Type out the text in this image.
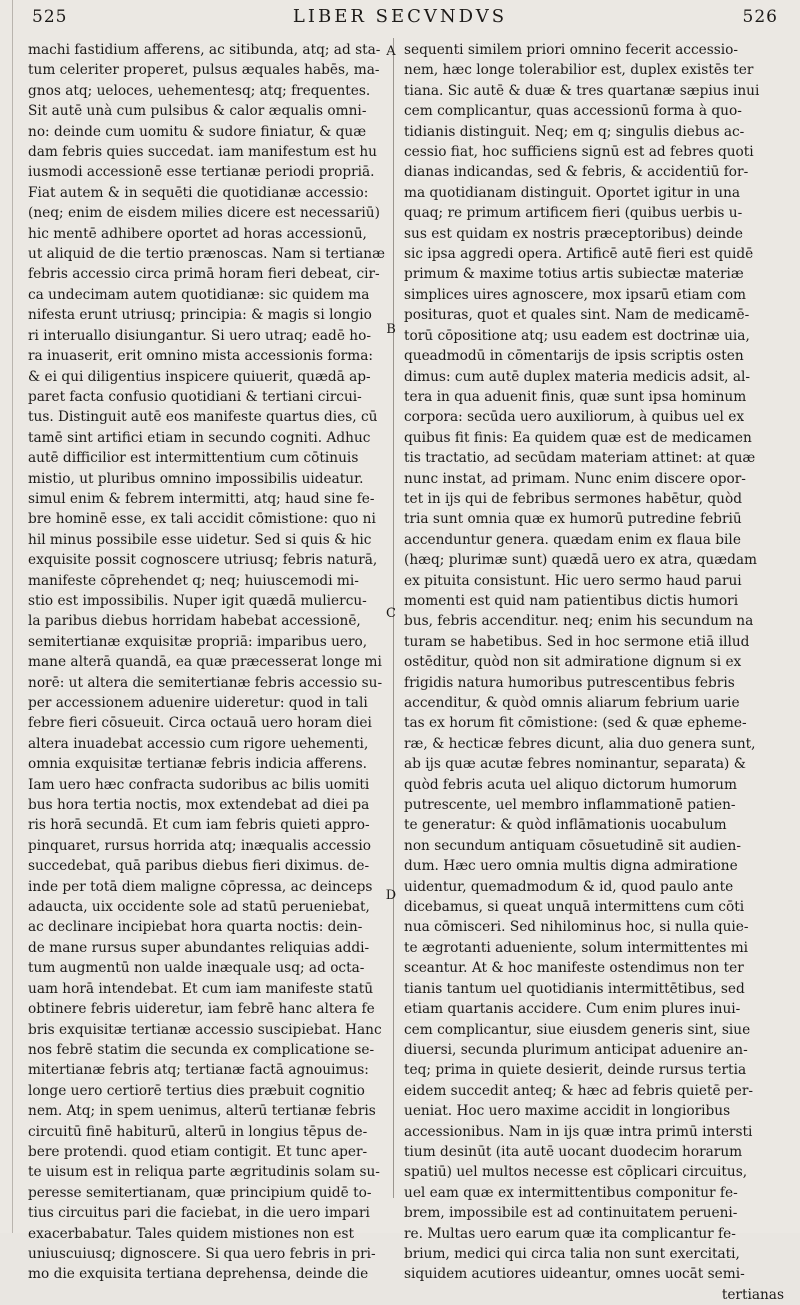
525	LIBER SECVNDVS	526
A
B
C
D
machi fastidium afferens, ac sitibunda, atq; ad sta-
tum celeriter properet, pulsus æquales habēs, ma-
gnos atq; ueloces, uehementesq; atq; frequentes.
Sit autē unà cum pulsibus & calor æqualis omni-
no: deinde cum uomitu & sudore finiatur, & quæ
dam febris quies succedat. iam manifestum est hu
iusmodi accessionē esse tertianæ periodi propriā.
Fiat autem & in sequēti die quotidianæ accessio:
(neq; enim de eisdem milies dicere est necessariū)
hic mentē adhibere oportet ad horas accessionū,
ut aliquid de die tertio prænoscas. Nam si tertianæ
febris accessio circa primā horam fieri debeat, cir-
ca undecimam autem quotidianæ: sic quidem ma
nifesta erunt utriusq; principia: & magis si longio
ri interuallo disiungantur. Si uero utraq; eadē ho-
ra inuaserit, erit omnino mista accessionis forma:
& ei qui diligentius inspicere quiuerit, quædā ap-
paret facta confusio quotidiani & tertiani circui-
tus. Distinguit autē eos manifeste quartus dies, cū
tamē sint artifici etiam in secundo cogniti. Adhuc
autē difficilior est intermittentium cum cōtinuis
mistio, ut pluribus omnino impossibilis uideatur.
simul enim & febrem intermitti, atq; haud sine fe-
bre hominē esse, ex tali accidit cōmistione: quo ni
hil minus possibile esse uidetur. Sed si quis & hic
exquisite possit cognoscere utriusq; febris naturā,
manifeste cōprehendet q; neq; huiuscemodi mi-
stio est impossibilis. Nuper igit quædā muliercu-
la paribus diebus horridam habebat accessionē,
semitertianæ exquisitæ propriā: imparibus uero,
mane alterā quandā, ea quæ præcesserat longe mi
norē: ut altera die semitertianæ febris accessio su-
per accessionem aduenire uideretur: quod in tali
febre fieri cōsueuit. Circa octauā uero horam diei
altera inuadebat accessio cum rigore uehementi,
omnia exquisitæ tertianæ febris indicia afferens.
Iam uero hæc confracta sudoribus ac bilis uomiti
bus hora tertia noctis, mox extendebat ad diei pa
ris horā secundā. Et cum iam febris quieti appro-
pinquaret, rursus horrida atq; inæqualis accessio
succedebat, quā paribus diebus fieri diximus. de-
inde per totā diem maligne cōpressa, ac deinceps
adaucta, uix occidente sole ad statū perueniebat,
ac declinare incipiebat hora quarta noctis: dein-
de mane rursus super abundantes reliquias addi-
tum augmentū non ualde inæquale usq; ad octa-
uam horā intendebat. Et cum iam manifeste statū
obtinere febris uideretur, iam febrē hanc altera fe
bris exquisitæ tertianæ accessio suscipiebat. Hanc
nos febrē statim die secunda ex complicatione se-
mitertianæ febris atq; tertianæ factā agnouimus:
longe uero certiorē tertius dies præbuit cognitio
nem. Atq; in spem uenimus, alterū tertianæ febris
circuitū finē habiturū, alterū in longius tēpus de-
bere protendi. quod etiam contigit. Et tunc aper-
te uisum est in reliqua parte ægritudinis solam su-
peresse semitertianam, quæ principium quidē to-
tius circuitus pari die faciebat, in die uero impari
exacerbabatur. Tales quidem mistiones non est
uniuscuiusq; dignoscere. Si qua uero febris in pri-
mo die exquisita tertiana deprehensa, deinde die
sequenti similem priori omnino fecerit accessio-
nem, hæc longe tolerabilior est, duplex existēs ter
tiana. Sic autē & duæ & tres quartanæ sæpius inui
cem complicantur, quas accessionū forma à quo-
tidianis distinguit. Neq; em q; singulis diebus ac-
cessio fiat, hoc sufficiens signū est ad febres quoti
dianas indicandas, sed & febris, & accidentiū for-
ma quotidianam distinguit. Oportet igitur in una
quaq; re primum artificem fieri (quibus uerbis u-
sus est quidam ex nostris præceptoribus) deinde
sic ipsa aggredi opera. Artificē autē fieri est quidē
primum & maxime totius artis subiectæ materiæ
simplices uires agnoscere, mox ipsarū etiam com
posituras, quot et quales sint. Nam de medicamē-
torū cōpositione atq; usu eadem est doctrinæ uia,
queadmodū in cōmentarijs de ipsis scriptis osten
dimus: cum autē duplex materia medicis adsit, al-
tera in qua aduenit finis, quæ sunt ipsa hominum
corpora: secūda uero auxiliorum, à quibus uel ex
quibus fit finis: Ea quidem quæ est de medicamen
tis tractatio, ad secūdam materiam attinet: at quæ
nunc instat, ad primam. Nunc enim discere opor-
tet in ijs qui de febribus sermones habētur, quòd
tria sunt omnia quæ ex humorū putredine febriū
accenduntur genera. quædam enim ex flaua bile
(hæq; plurimæ sunt) quædā uero ex atra, quædam
ex pituita consistunt. Hic uero sermo haud parui
momenti est quid nam patientibus dictis humori
bus, febris accenditur. neq; enim his secundum na
turam se habetibus. Sed in hoc sermone etiā illud
ostēditur, quòd non sit admiratione dignum si ex
frigidis natura humoribus putrescentibus febris
accenditur, & quòd omnis aliarum febrium uarie
tas ex horum fit cōmistione: (sed & quæ epheme-
ræ, & hecticæ febres dicunt, alia duo genera sunt,
ab ijs quæ acutæ febres nominantur, separata) &
quòd febris acuta uel aliquo dictorum humorum
putrescente, uel membro inflammationē patien-
te generatur: & quòd inflāmationis uocabulum
non secundum antiquam cōsuetudinē sit audien-
dum. Hæc uero omnia multis digna admiratione
uidentur, quemadmodum & id, quod paulo ante
dicebamus, si queat unquā intermittens cum cōti
nua cōmisceri. Sed nihilominus hoc, si nulla quie-
te ægrotanti adueniente, solum intermittentes mi
sceantur. At & hoc manifeste ostendimus non ter
tianis tantum uel quotidianis intermittētibus, sed
etiam quartanis accidere. Cum enim plures inui-
cem complicantur, siue eiusdem generis sint, siue
diuersi, secunda plurimum anticipat aduenire an-
teq; prima in quiete desierit, deinde rursus tertia
eidem succedit anteq; & hæc ad febris quietē per-
ueniat. Hoc uero maxime accidit in longioribus
accessionibus. Nam in ijs quæ intra primū intersti
tium desinūt (ita autē uocant duodecim horarum
spatiū) uel multos necesse est cōplicari circuitus,
uel eam quæ ex intermittentibus componitur fe-
brem, impossibile est ad continuitatem perueni-
re. Multas uero earum quæ ita complicantur fe-
brium, medici qui circa talia non sunt exercitati,
siquidem acutiores uideantur, omnes uocāt semi-
tertianas
